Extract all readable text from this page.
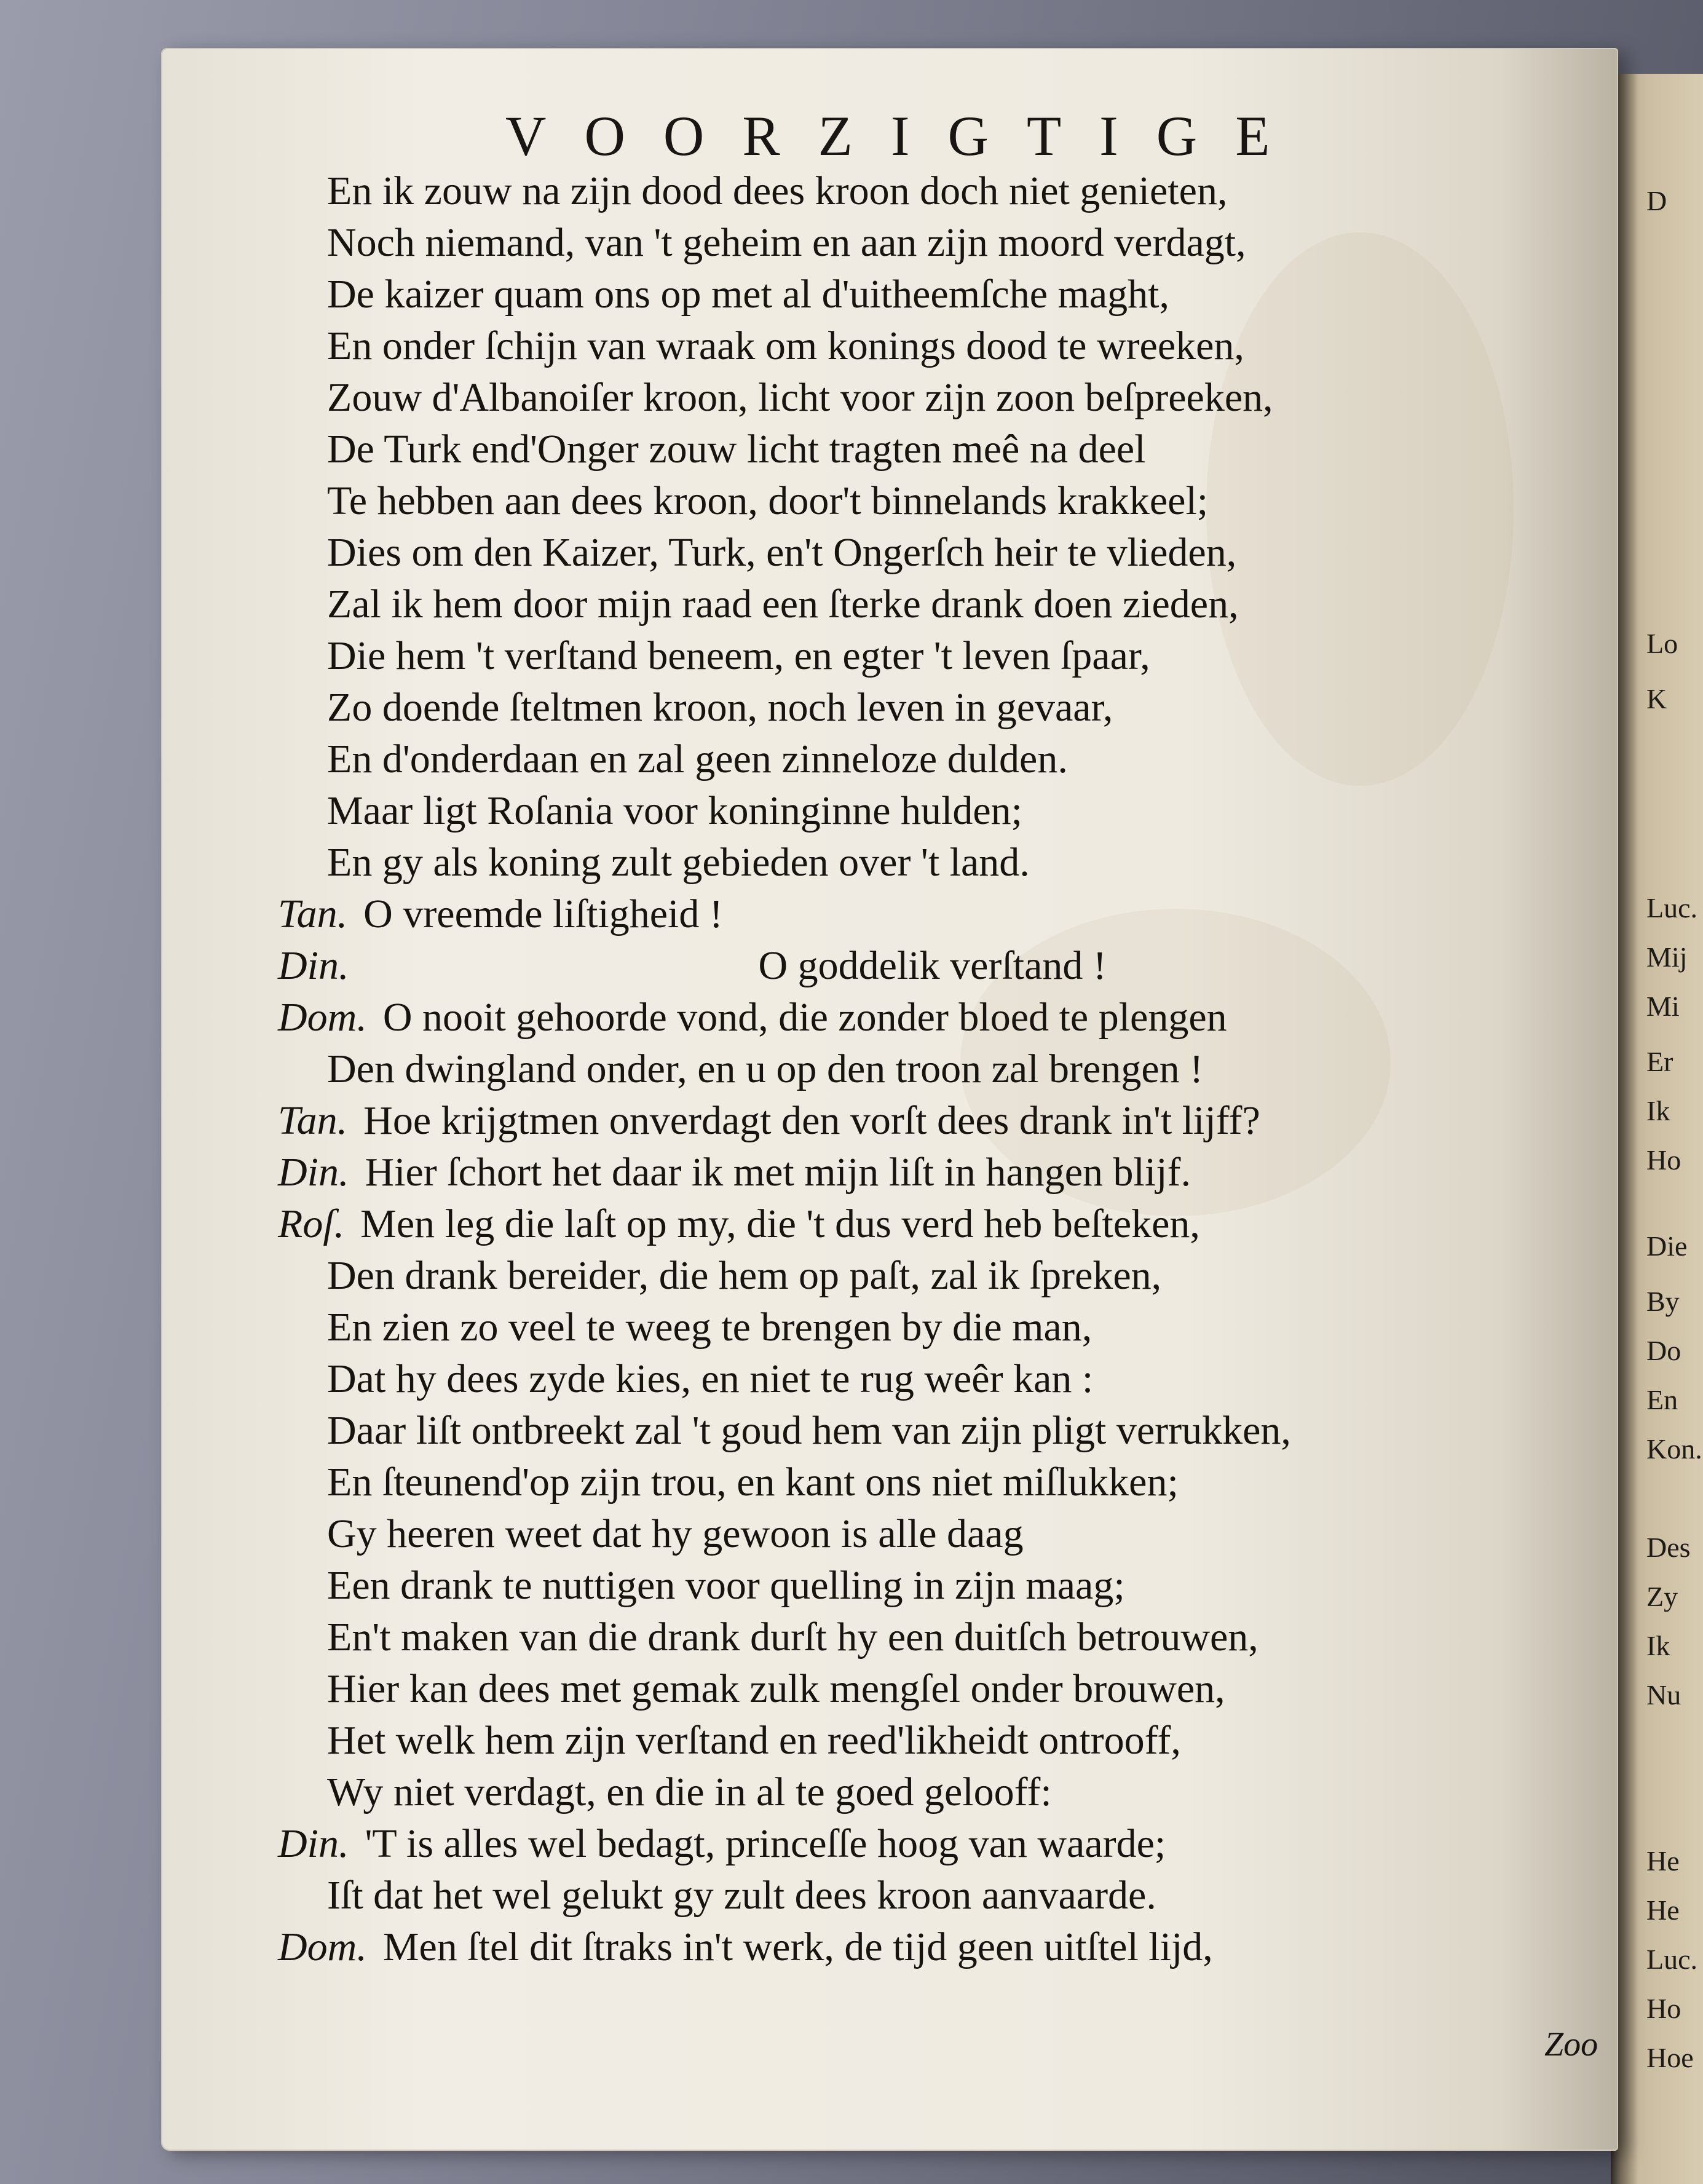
D
Lo
K
Luc.
Mij
Mi
Er
Ik
Ho
Die
By
Do
En
Kon.
Des
Zy
Ik
Nu
He
He
Luc.
Ho
Hoe
VOORZIGTIGE
En ik zouw na zijn dood dees kroon doch niet genieten,
Noch niemand, van 't geheim en aan zijn moord verdagt,
De kaizer quam ons op met al d'uitheemſche maght,
En onder ſchijn van wraak om konings dood te wreeken,
Zouw d'Albanoiſer kroon, licht voor zijn zoon beſpreeken,
De Turk end'Onger zouw licht tragten meê na deel
Te hebben aan dees kroon, door't binnelands krakkeel;
Dies om den Kaizer, Turk, en't Ongerſch heir te vlieden,
Zal ik hem door mijn raad een ſterke drank doen zieden,
Die hem 't verſtand beneem, en egter 't leven ſpaar,
Zo doende ſteltmen kroon, noch leven in gevaar,
En d'onderdaan en zal geen zinneloze dulden.
Maar ligt Roſania voor koninginne hulden;
En gy als koning zult gebieden over 't land.
Tan. O vreemde liſtigheid !
Din.	O goddelik verſtand !
Dom. O nooit gehoorde vond, die zonder bloed te plengen
Den dwingland onder, en u op den troon zal brengen !
Tan. Hoe krijgtmen onverdagt den vorſt dees drank in't lijff?
Din. Hier ſchort het daar ik met mijn liſt in hangen blijf.
Roſ. Men leg die laſt op my, die 't dus verd heb beſteken,
Den drank bereider, die hem op paſt, zal ik ſpreken,
En zien zo veel te weeg te brengen by die man,
Dat hy dees zyde kies, en niet te rug weêr kan :
Daar liſt ontbreekt zal 't goud hem van zijn pligt verrukken,
En ſteunend'op zijn trou, en kant ons niet miſlukken;
Gy heeren weet dat hy gewoon is alle daag
Een drank te nuttigen voor quelling in zijn maag;
En't maken van die drank durſt hy een duitſch betrouwen,
Hier kan dees met gemak zulk mengſel onder brouwen,
Het welk hem zijn verſtand en reed'likheidt ontrooff,
Wy niet verdagt, en die in al te goed gelooff:
Din. 'T is alles wel bedagt, princeſſe hoog van waarde;
Iſt dat het wel gelukt gy zult dees kroon aanvaarde.
Dom. Men ſtel dit ſtraks in't werk, de tijd geen uitſtel lijd,
Zoo
